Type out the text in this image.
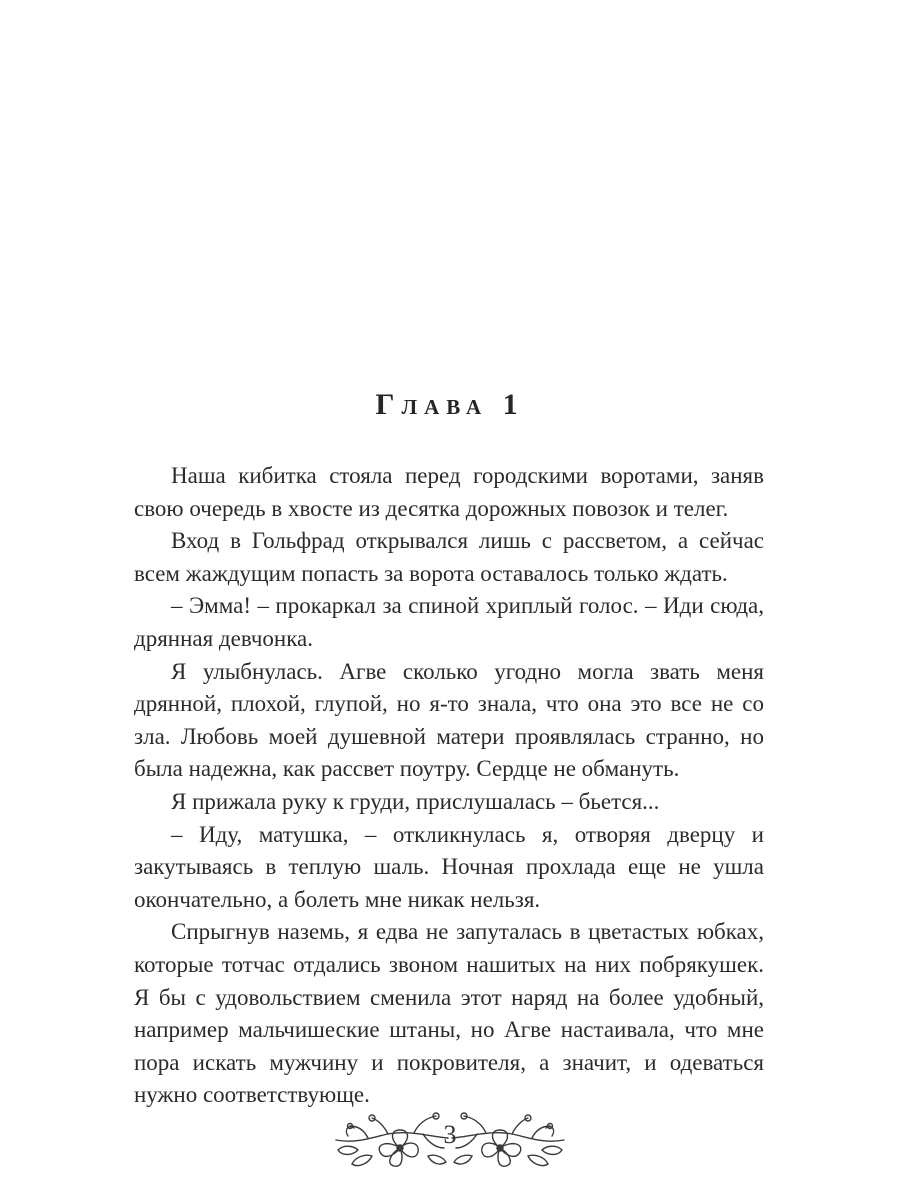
Глава 1

Наша кибитка стояла перед городскими воротами, заняв свою очередь в хвосте из десятка дорожных повозок и телег.

Вход в Гольфрад открывался лишь с рассветом, а сейчас всем жаждущим попасть за ворота оставалось только ждать.

– Эмма! – прокаркал за спиной хриплый голос. – Иди сюда, дрянная девчонка.

Я улыбнулась. Агве сколько угодно могла звать меня дрянной, плохой, глупой, но я-то знала, что она это все не со зла. Любовь моей душевной матери проявлялась странно, но была надежна, как рассвет поутру. Сердце не обмануть.

Я прижала руку к груди, прислушалась – бьется...

– Иду, матушка, – откликнулась я, отворяя дверцу и закутываясь в теплую шаль. Ночная прохлада еще не ушла окончательно, а болеть мне никак нельзя.

Спрыгнув наземь, я едва не запуталась в цветастых юбках, которые тотчас отдались звоном нашитых на них побрякушек. Я бы с удовольствием сменила этот наряд на более удобный, например мальчишеские штаны, но Агве настаивала, что мне пора искать мужчину и покровителя, а значит, и одеваться нужно соответствующе.

3
